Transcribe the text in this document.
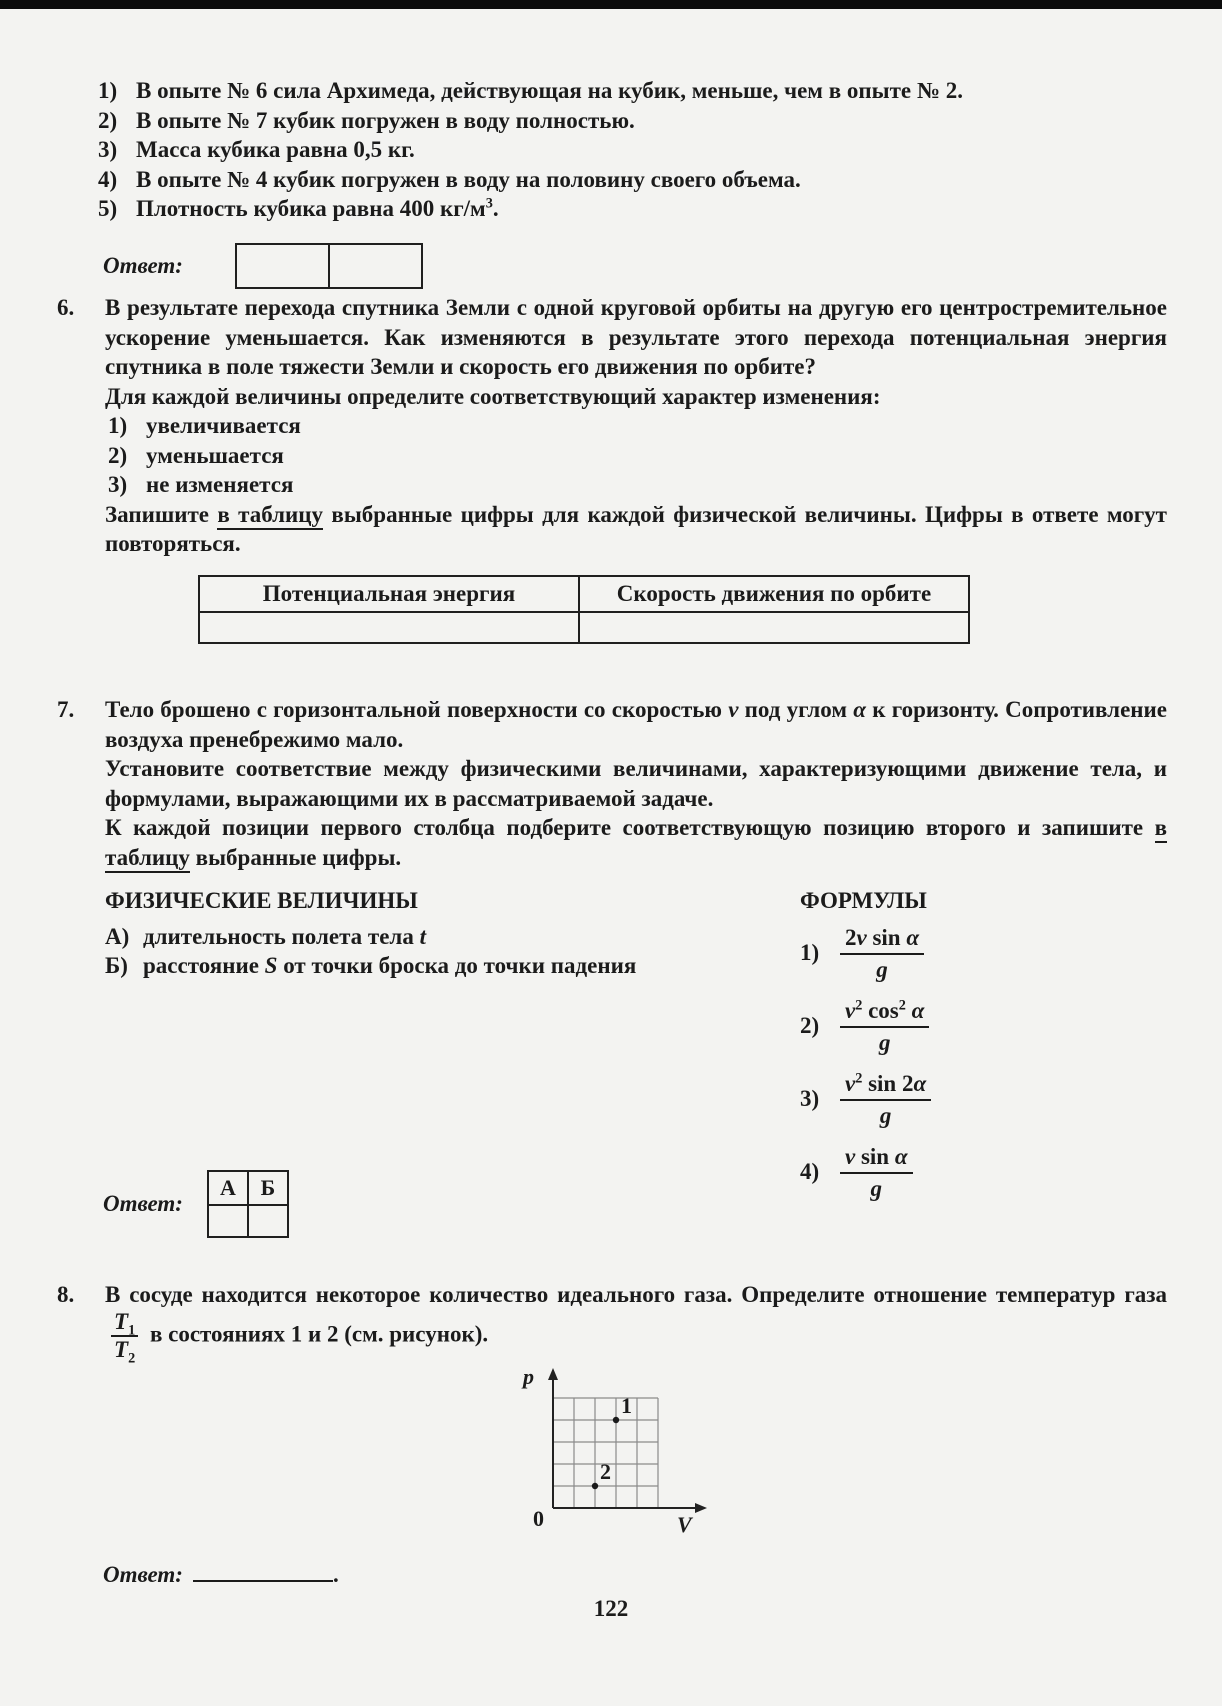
1) В опыте № 6 сила Архимеда, действующая на кубик, меньше, чем в опыте № 2.
2) В опыте № 7 кубик погружен в воду полностью.
3) Масса кубика равна 0,5 кг.
4) В опыте № 4 кубик погружен в воду на половину своего объема.
5) Плотность кубика равна 400 $кг/м^3$.
Ответ:

6. В результате перехода спутника Земли с одной круговой орбиты на другую его центростремительное ускорение уменьшается. Как изменяются в результате этого перехода потенциальная энергия спутника в поле тяжести Земли и скорость его движения по орбите?

Для каждой величины определите соответствующий характер изменения:

1) увеличивается
2) уменьшается
3) не изменяется

Запишите в таблицу выбранные цифры для каждой физической величины. Цифры в ответе могут повторяться.

Потенциальная энергия	Скорость движения по орбите

7. Тело брошено с горизонтальной поверхности со скоростью v под углом α к горизонту. Сопротивление воздуха пренебрежимо мало.

Установите соответствие между физическими величинами, характеризующими движение тела, и формулами, выражающими их в рассматриваемой задаче.

К каждой позиции первого столбца подберите соответствующую позицию второго и запишите в таблицу выбранные цифры.

ФИЗИЧЕСКИЕ ВЕЛИЧИНЫ
А) длительность полета тела t
Б) расстояние S от точки броска до точки падения
ФОРМУЛЫ
$1) \frac{\text{2v sin α}}{g}$
$2) \frac{v^2 \cos^2 \alpha}{g}$
$3) \frac{v^2 \sin 2\alpha}{g}$
$4) \frac{\text{v sin α}}{g}$
Ответ:
А	Б

8. В сосуде находится некоторое количество идеального газа. Определите отношение температур газа
$\frac{T_1}{T_2}$ в состояниях 1 и 2 (см. рисунок).

p
V
0
1
2
Ответ:	.
122
